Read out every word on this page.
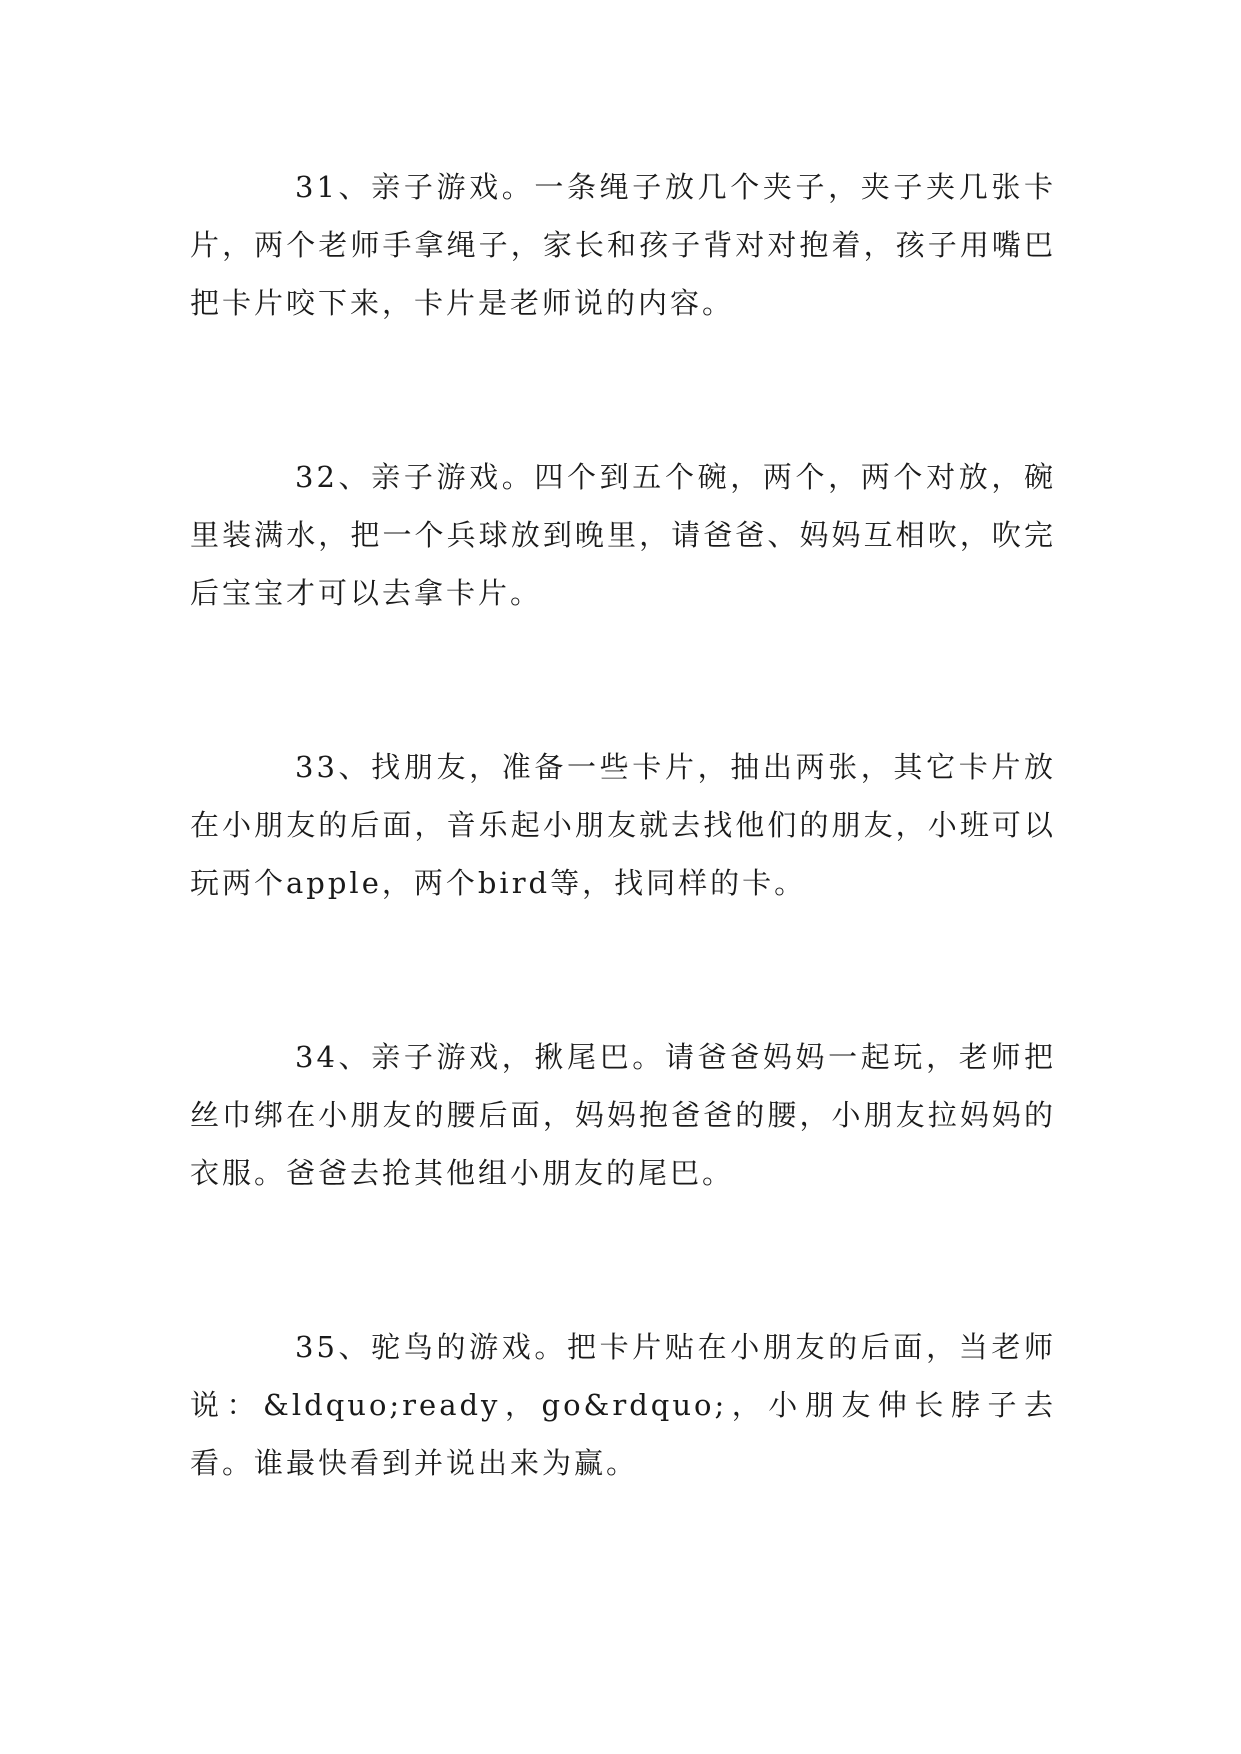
31、亲子游戏。一条绳子放几个夹子，夹子夹几张卡片，两个老师手拿绳子，家长和孩子背对对抱着，孩子用嘴巴把卡片咬下来，卡片是老师说的内容。

32、亲子游戏。四个到五个碗，两个，两个对放，碗里装满水，把一个兵球放到晚里，请爸爸、妈妈互相吹，吹完后宝宝才可以去拿卡片。

33、找朋友，准备一些卡片，抽出两张，其它卡片放在小朋友的后面，音乐起小朋友就去找他们的朋友，小班可以玩两个apple，两个bird等，找同样的卡。

34、亲子游戏，揪尾巴。请爸爸妈妈一起玩，老师把丝巾绑在小朋友的腰后面，妈妈抱爸爸的腰，小朋友拉妈妈的衣服。爸爸去抢其他组小朋友的尾巴。

35、驼鸟的游戏。把卡片贴在小朋友的后面，当老师说：&ldquo;ready，go&rdquo;，小朋友伸长脖子去看。谁最快看到并说出来为赢。
